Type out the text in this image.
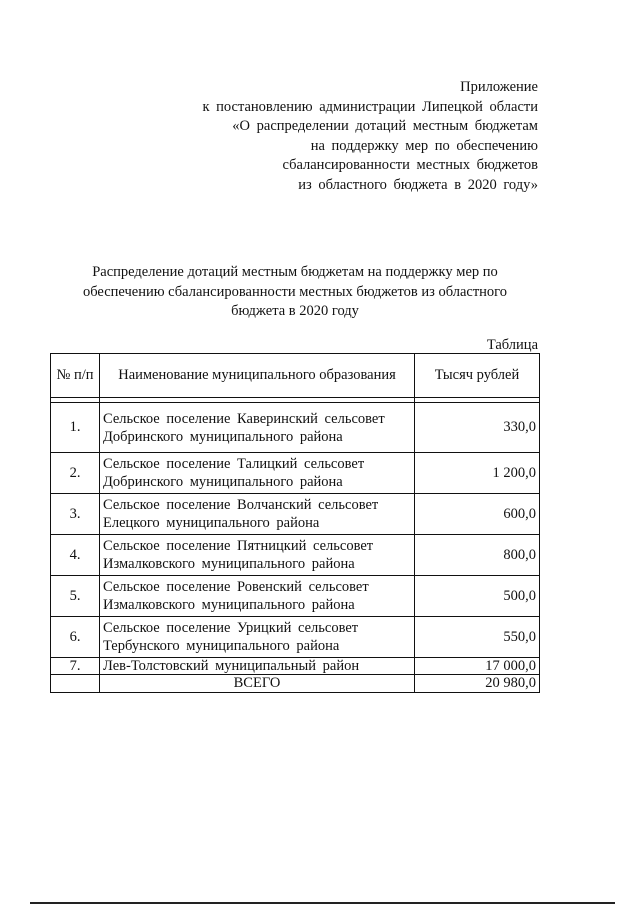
Приложение
к постановлению администрации Липецкой области
«О распределении дотаций местным бюджетам
на поддержку мер по обеспечению
сбалансированности местных бюджетов
из областного бюджета в 2020 году»
Распределение дотаций местным бюджетам на поддержку мер по
обеспечению сбалансированности местных бюджетов из областного
бюджета в 2020 году
Таблица
№ п/п	Наименование муниципального образования	Тысяч рублей

1.	Сельское поселение Каверинский сельсовет
Добринского муниципального района	330,0
2.	Сельское поселение Талицкий сельсовет
Добринского муниципального района	1 200,0
3.	Сельское поселение Волчанский сельсовет
Елецкого муниципального района	600,0
4.	Сельское поселение Пятницкий сельсовет
Измалковского муниципального района	800,0
5.	Сельское поселение Ровенский сельсовет
Измалковского муниципального района	500,0
6.	Сельское поселение Урицкий сельсовет
Тербунского муниципального района	550,0
7.	Лев-Толстовский муниципальный район	17 000,0
	ВСЕГО	20 980,0
